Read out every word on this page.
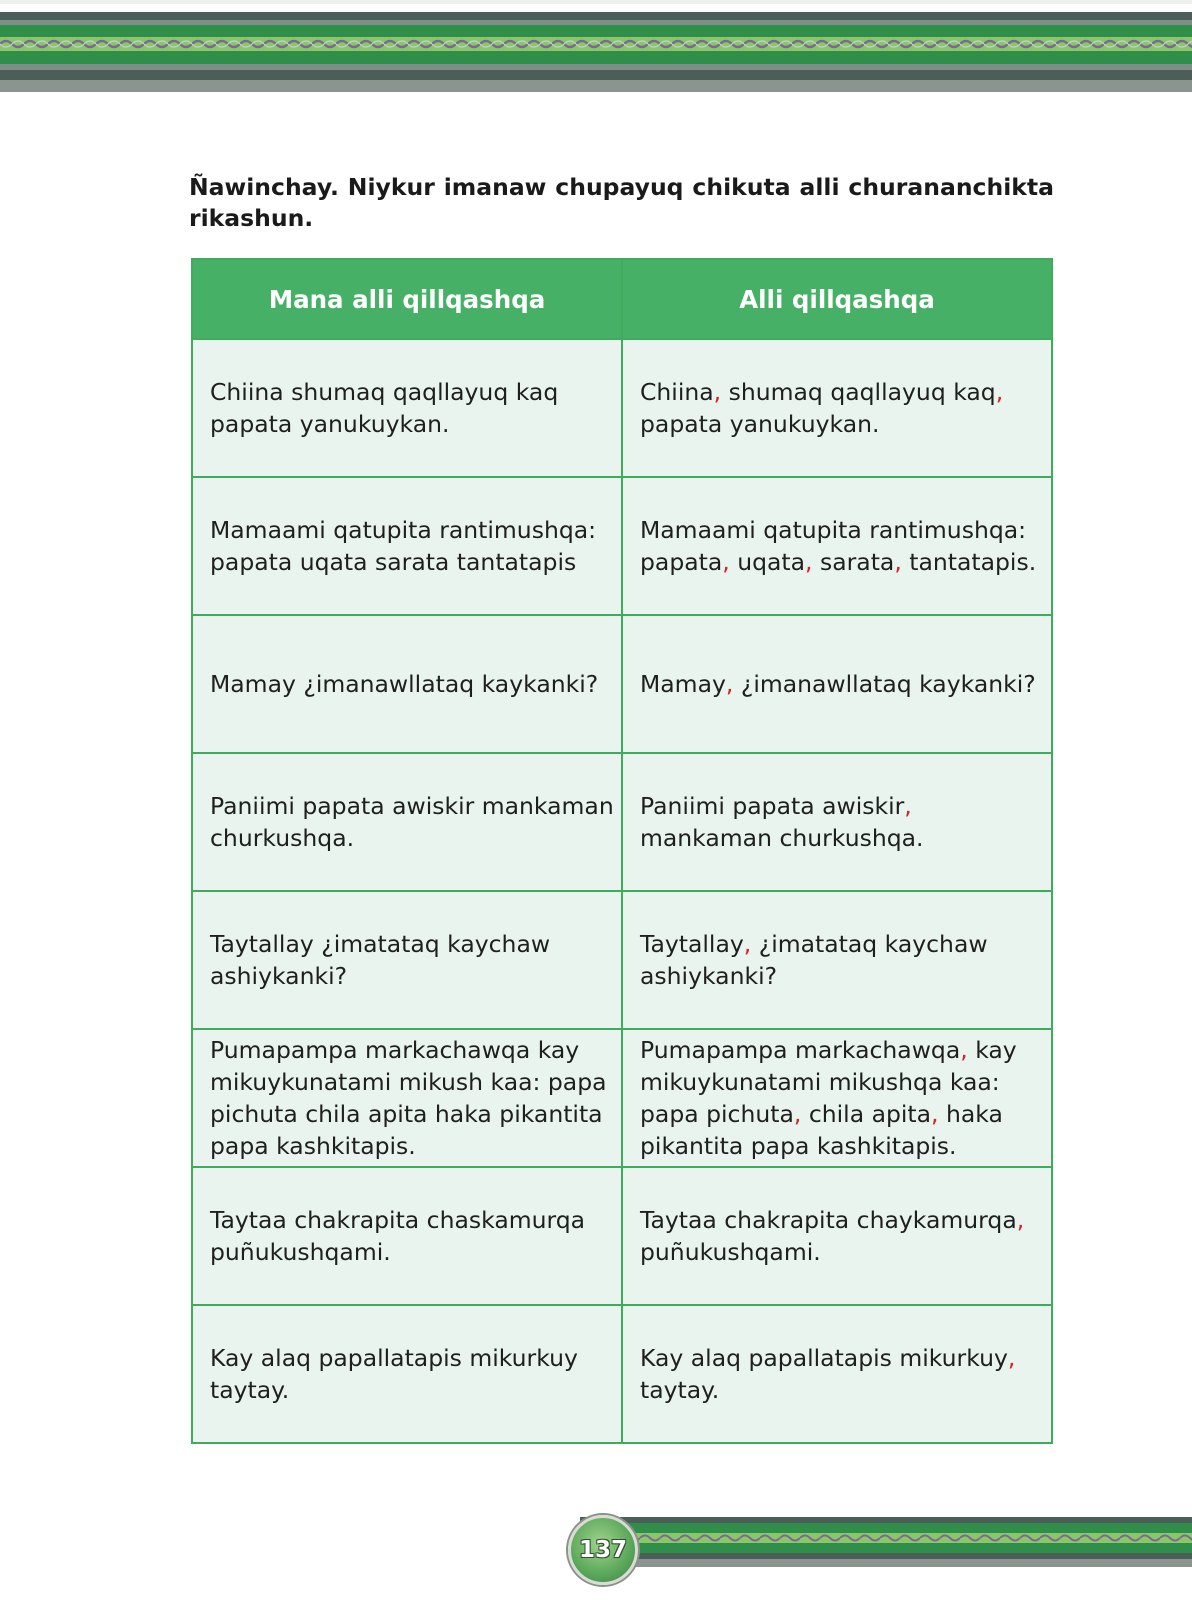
Ñawinchay. Niykur imanaw chupayuq chikuta alli churananchikta rikashun.
Mana alli qillqashqa	Alli qillqashqa
Chiina shumaq qaqllayuq kaq papata yanukuykan.	Chiina, shumaq qaqllayuq kaq, papata yanukuykan.
Mamaami qatupita rantimushqa: papata uqata sarata tantatapis	Mamaami qatupita rantimushqa: papata, uqata, sarata, tantatapis.
Mamay ¿imanawllataq kaykanki?	Mamay, ¿imanawllataq kaykanki?
Paniimi papata awiskir mankaman churkushqa.	Paniimi papata awiskir, mankaman churkushqa.
Taytallay ¿imatataq kaychaw ashiykanki?	Taytallay, ¿imatataq kaychaw ashiykanki?
Pumapampa markachawqa kay mikuykunatami mikush kaa: papa pichuta chila apita haka pikantita papa kashkitapis.	Pumapampa markachawqa, kay mikuykunatami mikushqa kaa: papa pichuta, chila apita, haka pikantita papa kashkitapis.
Taytaa chakrapita chaskamurqa puñukushqami.	Taytaa chakrapita chaykamurqa, puñukushqami.
Kay alaq papallatapis mikurkuy taytay.	Kay alaq papallatapis mikurkuy, taytay.
137
